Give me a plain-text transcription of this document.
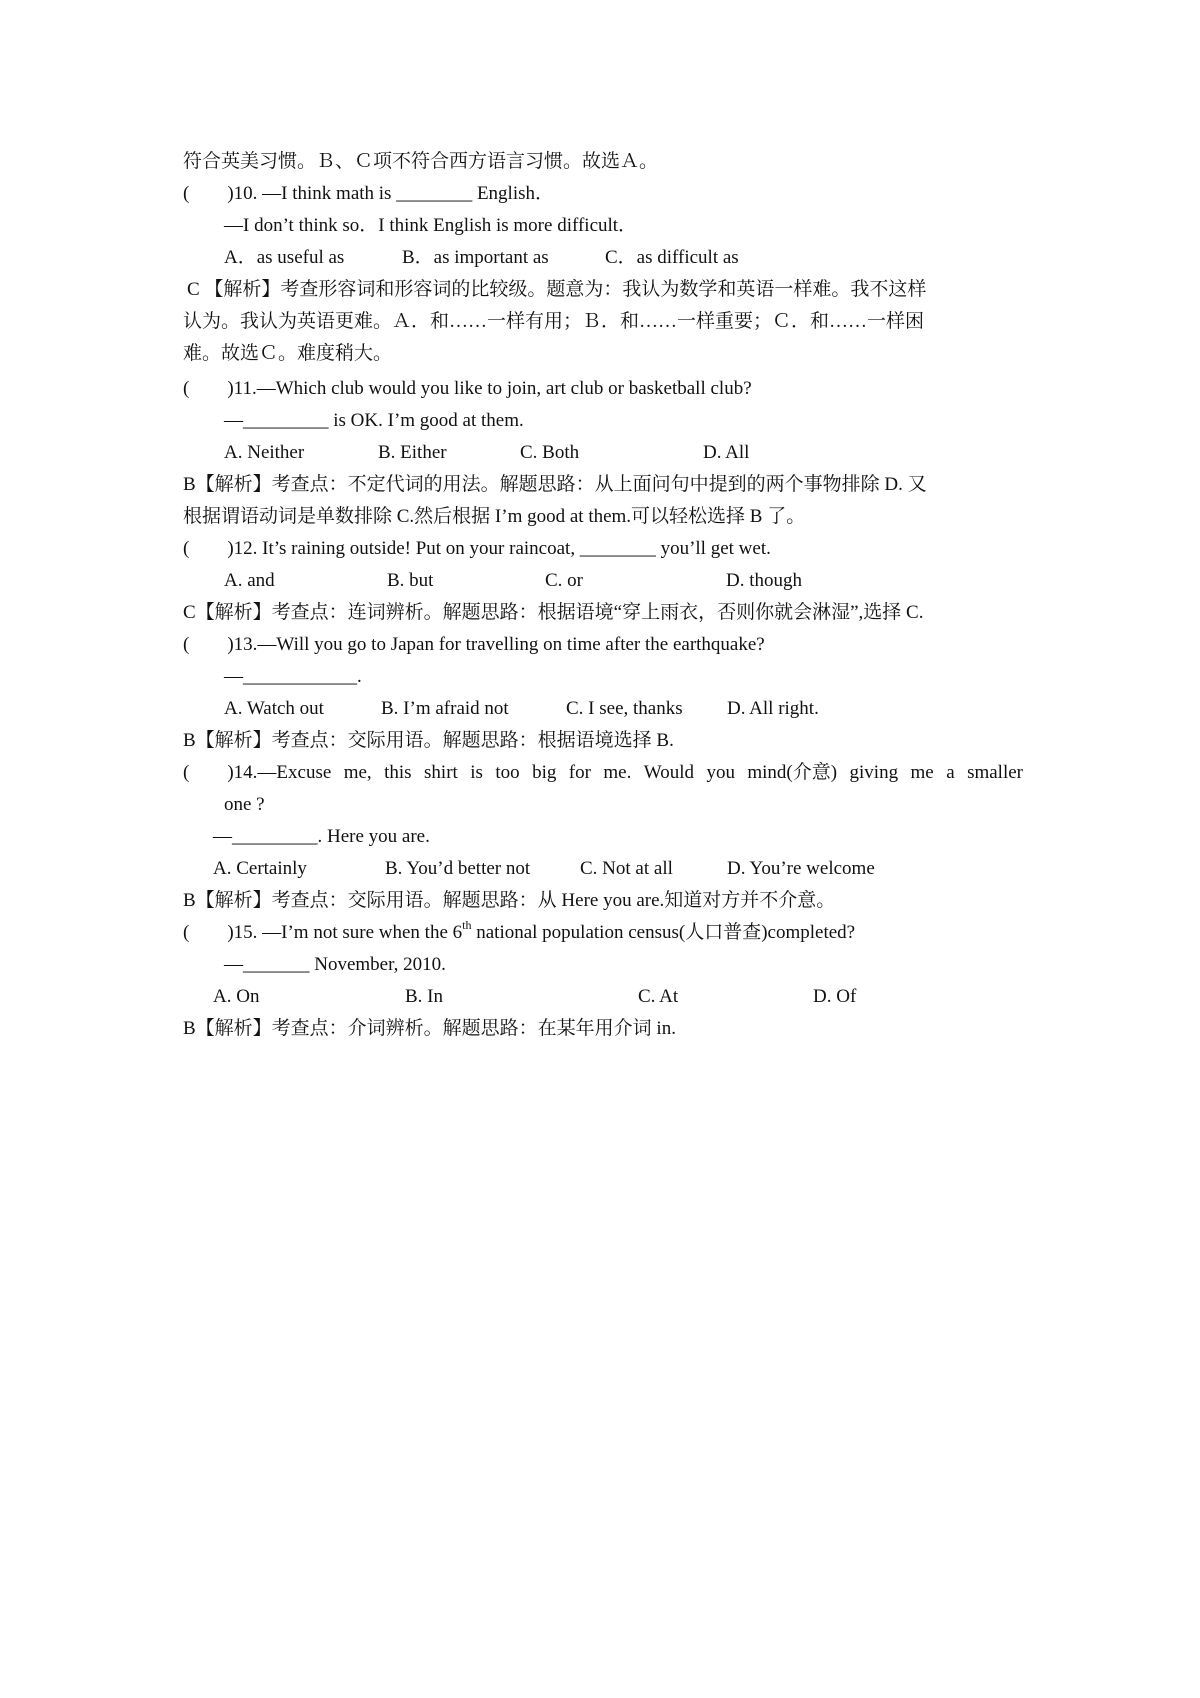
符合英美习惯。Ｂ、Ｃ项不符合西方语言习惯。故选Ａ。
( )10. —I think math is ________ English．
—I don’t think so．I think English is more difficult．
A．as useful as	B．as important as	C．as difficult as
C 【解析】考查形容词和形容词的比较级。题意为：我认为数学和英语一样难。我不这样
认为。我认为英语更难。Ａ．和……一样有用；Ｂ．和……一样重要；Ｃ．和……一样困
难。故选Ｃ。难度稍大。
( )11.—Which club would you like to join, art club or basketball club?
—_________ is OK. I’m good at them.
A. Neither	B. Either	C. Both	D. All
B【解析】考查点：不定代词的用法。解题思路：从上面问句中提到的两个事物排除 D. 又
根据谓语动词是单数排除 C.然后根据 I’m good at them.可以轻松选择 B 了。
( )12. It’s raining outside! Put on your raincoat, ________ you’ll get wet.
A. and	B. but	C. or	D. though
C【解析】考查点：连词辨析。解题思路：根据语境“穿上雨衣，否则你就会淋湿”,选择 C.
( )13.—Will you go to Japan for travelling on time after the earthquake?
—____________.
A. Watch out	B. I’m afraid not	C. I see, thanks D. All right.
B【解析】考查点：交际用语。解题思路：根据语境选择 B.
( )14.—Excuse me, this shirt is too big for me. Would you mind(介意) giving me a smaller
one ?
—_________. Here you are.
A. Certainly	B. You’d better not	C. Not at all	D. You’re welcome
B【解析】考查点：交际用语。解题思路：从 Here you are.知道对方并不介意。
( )15. —I’m not sure when the 6th national population census(人口普查)completed?
—_______ November, 2010.
A. On	B. In	C. At	D. Of
B【解析】考查点：介词辨析。解题思路：在某年用介词 in.
